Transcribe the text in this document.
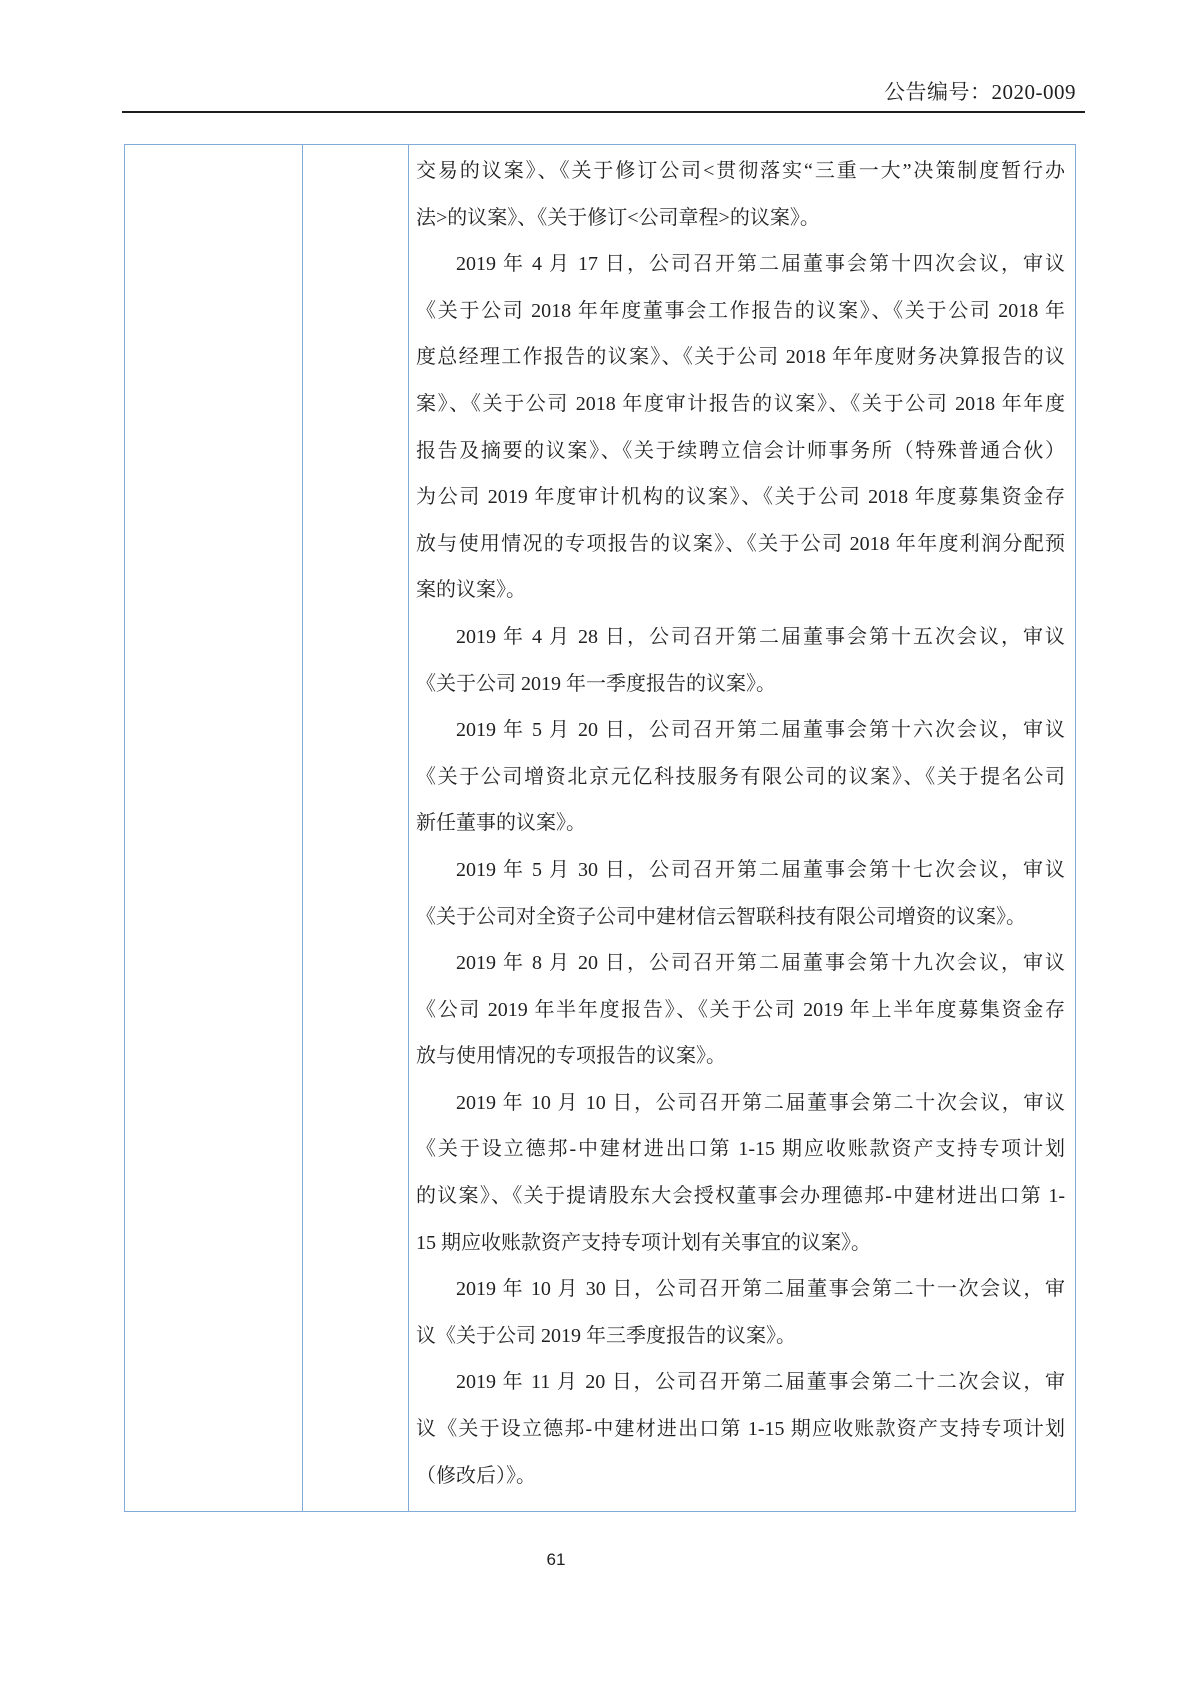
公告编号：2020-009
交易的议案》、《关于修订公司<贯彻落实“三重一大”决策制度暂行办
法>的议案》、《关于修订<公司章程>的议案》。
2019 年 4 月 17 日，公司召开第二届董事会第十四次会议，审议
《关于公司 2018 年年度董事会工作报告的议案》、《关于公司 2018 年
度总经理工作报告的议案》、《关于公司 2018 年年度财务决算报告的议
案》、《关于公司 2018 年度审计报告的议案》、《关于公司 2018 年年度
报告及摘要的议案》、《关于续聘立信会计师事务所（特殊普通合伙）
为公司 2019 年度审计机构的议案》、《关于公司 2018 年度募集资金存
放与使用情况的专项报告的议案》、《关于公司 2018 年年度利润分配预
案的议案》。
2019 年 4 月 28 日，公司召开第二届董事会第十五次会议，审议
《关于公司 2019 年一季度报告的议案》。
2019 年 5 月 20 日，公司召开第二届董事会第十六次会议，审议
《关于公司增资北京元亿科技服务有限公司的议案》、《关于提名公司
新任董事的议案》。
2019 年 5 月 30 日，公司召开第二届董事会第十七次会议，审议
《关于公司对全资子公司中建材信云智联科技有限公司增资的议案》。
2019 年 8 月 20 日，公司召开第二届董事会第十九次会议，审议
《公司 2019 年半年度报告》、《关于公司 2019 年上半年度募集资金存
放与使用情况的专项报告的议案》。
2019 年 10 月 10 日，公司召开第二届董事会第二十次会议，审议
《关于设立德邦-中建材进出口第 1-15 期应收账款资产支持专项计划
的议案》、《关于提请股东大会授权董事会办理德邦-中建材进出口第 1-
15 期应收账款资产支持专项计划有关事宜的议案》。
2019 年 10 月 30 日，公司召开第二届董事会第二十一次会议，审
议《关于公司 2019 年三季度报告的议案》。
2019 年 11 月 20 日，公司召开第二届董事会第二十二次会议，审
议《关于设立德邦-中建材进出口第 1-15 期应收账款资产支持专项计划
（修改后）》。
61
